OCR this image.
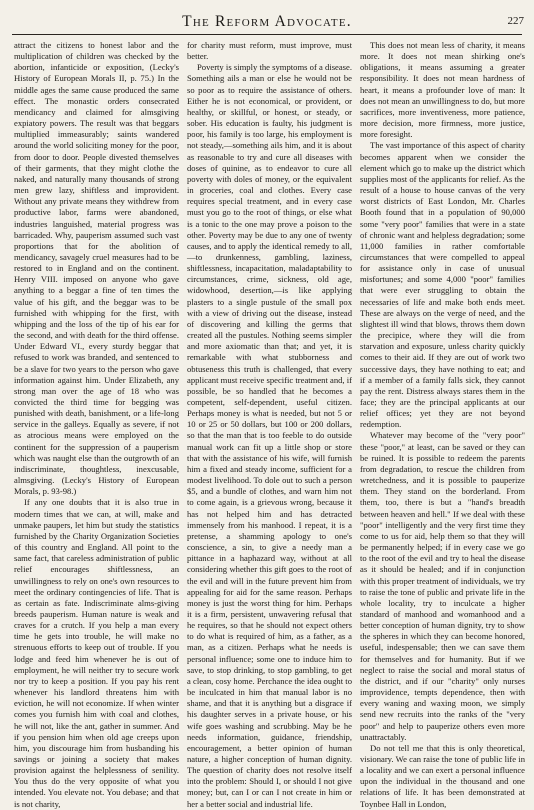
The Reform Advocate.	227

attract the citizens to honest labor and the multiplication of children was checked by the abortion, infanticide or exposition, (Lecky's History of European Morals II, p. 75.) In the middle ages the same cause produced the same effect. The monastic orders consecrated mendicancy and claimed for almsgiving expiatory powers. The result was that beggars multiplied immeasurably; saints wandered around the world soliciting money for the poor, from door to door. People divested themselves of their garments, that they might clothe the naked, and naturally many thousands of strong men grew lazy, shiftless and improvident. Without any private means they withdrew from productive labor, farms were abandoned, industries languished, material progress was barricaded. Why, pauperism assumed such vast proportions that for the abolition of mendicancy, savagely cruel measures had to be restored to in England and on the continent. Henry VIII. imposed on anyone who gave anything to a beggar a fine of ten times the value of his gift, and the beggar was to be furnished with whipping for the first, with whipping and the loss of the tip of his ear for the second, and with death for the third offense. Under Edward VI., every sturdy beggar that refused to work was branded, and sentenced to be a slave for two years to the person who gave information against him. Under Elizabeth, any strong man over the age of 18 who was convicted the third time for begging was punished with death, banishment, or a life-long service in the galleys. Equally as severe, if not as atrocious means were employed on the continent for the suppression of a pauperism which was naught else than the outgrowth of an indiscriminate, thoughtless, inexcusable, almsgiving. (Lecky's History of European Morals, p. 93-98.)

If any one doubts that it is also true in modern times that we can, at will, make and unmake paupers, let him but study the statistics furnished by the Charity Organization Societies of this country and England. All point to the same fact, that careless administration of public relief encourages shiftlessness, an unwillingness to rely on one's own resources to meet the ordinary contingencies of life. That is as certain as fate. Indiscriminate alms-giving breeds pauperism. Human nature is weak and craves for a crutch. If you help a man every time he gets into trouble, he will make no strenuous efforts to keep out of trouble. If you lodge and feed him whenever he is out of employment, he will neither try to secure work nor try to keep a position. If you pay his rent whenever his landlord threatens him with eviction, he will not economize. If when winter comes you furnish him with coal and clothes, he will not, like the ant, gather in summer. And if you pension him when old age creeps upon him, you discourage him from husbanding his savings or joining a society that makes provision against the helplessness of senility. You thus do the very opposite of what you intended. You elevate not. You debase; and that is not charity,

for charity must reform, must improve, must better.

Poverty is simply the symptoms of a disease. Something ails a man or else he would not be so poor as to require the assistance of others. Either he is not economical, or provident, or healthy, or skillful, or honest, or steady, or sober. His education is faulty, his judgment is poor, his family is too large, his employment is not steady,—something ails him, and it is about as reasonable to try and cure all diseases with doses of quinine, as to endeavor to cure all poverty with doles of money, or the equivalent in groceries, coal and clothes. Every case requires special treatment, and in every case must you go to the root of things, or else what is a tonic to the one may prove a poison to the other. Poverty may be due to any one of twenty causes, and to apply the identical remedy to all,—to drunkenness, gambling, laziness, shiftlessness, incapacitation, maladaptability to circumstances, crime, sickness, old age, widowhood, desertion,—is like applying plasters to a single pustule of the small pox with a view of driving out the disease, instead of discovering and killing the germs that created all the pustules. Nothing seems simpler and more axiomatic than that; and yet, it is remarkable with what stubborness and obtuseness this truth is challenged, that every applicant must receive specific treatment and, if possible, be so handled that he becomes a competent, self-dependent, useful citizen. Perhaps money is what is needed, but not 5 or 10 or 25 or 50 dollars, but 100 or 200 dollars, so that the man that is too feeble to do outside manual work can fit up a little shop or store that with the assistance of his wife, will furnish him a fixed and steady income, sufficient for a modest livelihood. To dole out to such a person $5, and a bundle of clothes, and warn him not to come again, is a grievous wrong, because it has not helped him and has detracted immensely from his manhood. I repeat, it is a pretense, a shamming apology to one's conscience, a sin, to give a needy man a pittance in a haphazard way, without at all considering whether this gift goes to the root of the evil and will in the future prevent him from appealing for aid for the same reason. Perhaps money is just the worst thing for him. Perhaps it is a firm, persistent, unwavering refusal that he requires, so that he should not expect others to do what is required of him, as a father, as a man, as a citizen. Perhaps what he needs is personal influence; some one to induce him to save, to stop drinking, to stop gambling, to get a clean, cosy home. Perchance the idea ought to be inculcated in him that manual labor is no shame, and that it is anything but a disgrace if his daughter serves in a private house, or his wife goes washing and scrubbing. May be he needs information, guidance, friendship, encouragement, a better opinion of human nature, a higher conception of human dignity. The question of charity does not resolve itself into the problem: Should I, or should I not give money; but, can I or can I not create in him or her a better social and industrial life.

This does not mean less of charity, it means more. It does not mean shirking one's obligations, it means assuming a greater responsibility. It does not mean hardness of heart, it means a profounder love of man: It does not mean an unwillingness to do, but more sacrifices, more inventiveness, more patience, more decision, more firmness, more justice, more foresight.

The vast importance of this aspect of charity becomes apparent when we consider the element which go to make up the district which supplies most of the applicants for relief. As the result of a house to house canvas of the very worst districts of East London, Mr. Charles Booth found that in a population of 90,000 some "very poor" families that were in a state of chronic want and helpless degradation; some 11,000 families in rather comfortable circumstances that were compelled to appeal for assistance only in case of unusual misfortunes; and some 4,000 "poor" families that were ever struggling to obtain the necessaries of life and make both ends meet. These are always on the verge of need, and the slightest ill wind that blows, throws them down the precipice, where they will die from starvation and exposure, unless charity quickly comes to their aid. If they are out of work two successive days, they have nothing to eat; and if a member of a family falls sick, they cannot pay the rent. Distress always stares them in the face; they are the principal applicants at our relief offices; yet they are not beyond redemption.

Whatever may become of the "very poor" these "poor," at least, can be saved or they can be ruined. It is possible to redeem the parents from degradation, to rescue the children from wretchedness, and it is possible to pauperize them. They stand on the borderland. From them, too, there is but a "hand's breadth between heaven and hell." If we deal with these "poor" intelligently and the very first time they come to us for aid, help them so that they will be permanently helped; if in every case we go to the root of the evil and try to heal the disease as it should be healed; and if in conjunction with this proper treatment of individuals, we try to raise the tone of public and private life in the whole locality, try to inculcate a higher standard of manhood and womanhood and a better conception of human dignity, try to show the spheres in which they can become honored, useful, indespensable; then we can save them for themselves and for humanity. But if we neglect to raise the social and moral status of the district, and if our "charity" only nurses improvidence, tempts dependence, then with every waning and waxing moon, we simply send new recruits into the ranks of the "very poor" and help to pauperize others even more unattractably.

Do not tell me that this is only theoretical, visionary. We can raise the tone of public life in a locality and we can exert a personal influence upon the individual in the thousand and one relations of life. It has been demonstrated at Toynbee Hall in London,
